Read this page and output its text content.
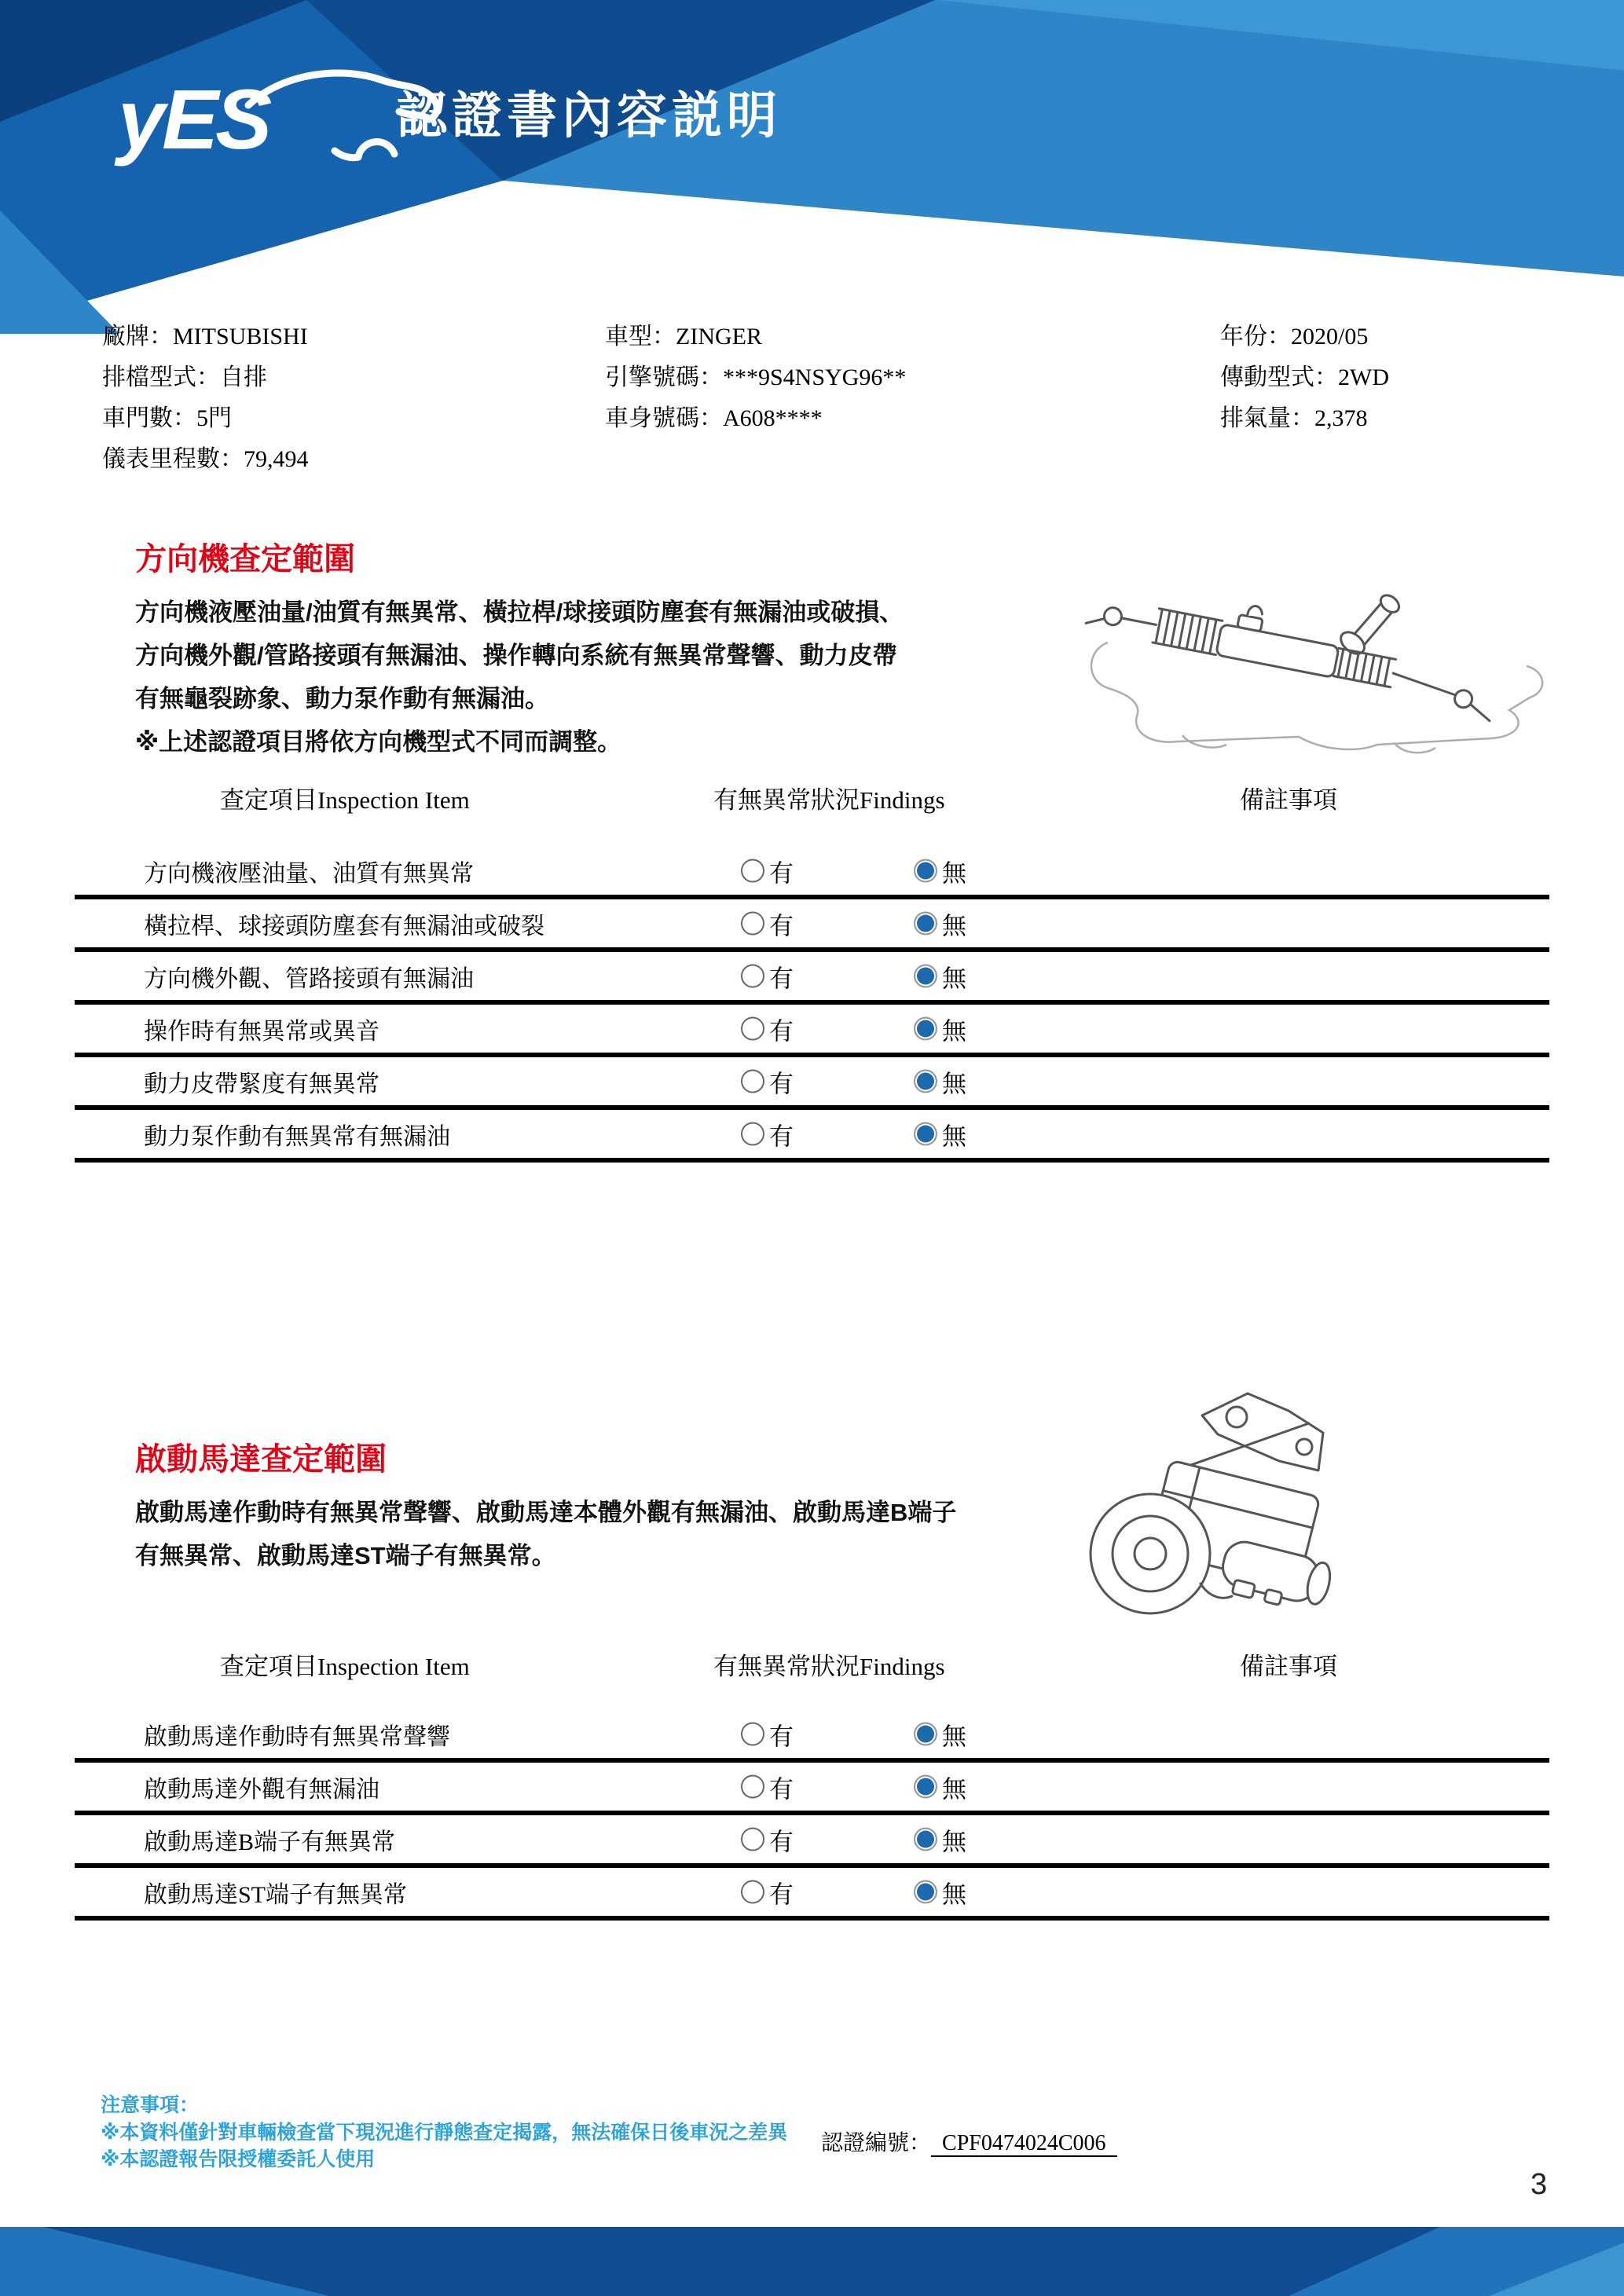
yES	認證書內容説明
廠牌：MITSUBISHI
排檔型式：自排
車門數：5門
儀表里程數：79,494
車型：ZINGER
引擎號碼：***9S4NSYG96**
車身號碼：A608****
年份：2020/05
傳動型式：2WD
排氣量：2,378
方向機查定範圍
方向機液壓油量/油質有無異常、橫拉桿/球接頭防塵套有無漏油或破損、
方向機外觀/管路接頭有無漏油、操作轉向系統有無異常聲響、動力皮帶
有無龜裂跡象、動力泵作動有無漏油。
※上述認證項目將依方向機型式不同而調整。
查定項目Inspection Item	有無異常狀況Findings	備註事項
方向機液壓油量、油質有無異常	有	無
橫拉桿、球接頭防塵套有無漏油或破裂	有	無
方向機外觀、管路接頭有無漏油	有	無
操作時有無異常或異音	有	無
動力皮帶緊度有無異常	有	無
動力泵作動有無異常有無漏油	有	無
啟動馬達查定範圍
啟動馬達作動時有無異常聲響、啟動馬達本體外觀有無漏油、啟動馬達B端子
有無異常、啟動馬達ST端子有無異常。
查定項目Inspection Item	有無異常狀況Findings	備註事項
啟動馬達作動時有無異常聲響	有	無
啟動馬達外觀有無漏油	有	無
啟動馬達B端子有無異常	有	無
啟動馬達ST端子有無異常	有	無
注意事項：
※本資料僅針對車輛檢查當下現況進行靜態查定揭露，無法確保日後車況之差異
※本認證報告限授權委託人使用
認證編號： CPF0474024C006
3
